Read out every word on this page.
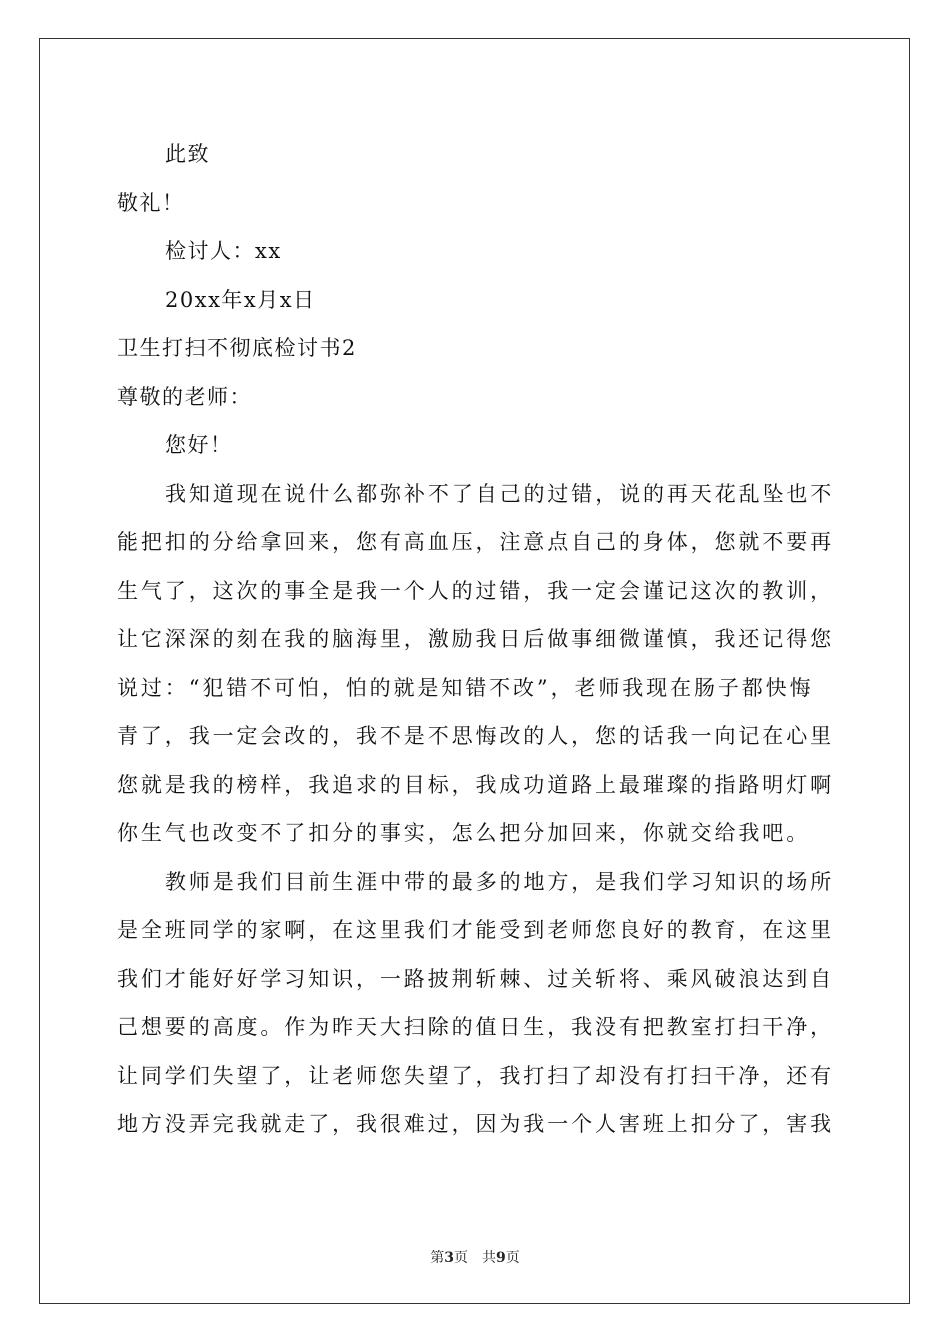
此致
敬礼！
检讨人：xx
20xx年x月x日
卫生打扫不彻底检讨书2
尊敬的老师：
您好！
我知道现在说什么都弥补不了自己的过错，说的再天花乱坠也不
能把扣的分给拿回来，您有高血压，注意点自己的身体，您就不要再
生气了，这次的事全是我一个人的过错，我一定会谨记这次的教训，
让它深深的刻在我的脑海里，激励我日后做事细微谨慎，我还记得您
说过：“犯错不可怕，怕的就是知错不改”，老师我现在肠子都快悔
青了，我一定会改的，我不是不思悔改的人，您的话我一向记在心里
您就是我的榜样，我追求的目标，我成功道路上最璀璨的指路明灯啊
你生气也改变不了扣分的事实，怎么把分加回来，你就交给我吧。
教师是我们目前生涯中带的最多的地方，是我们学习知识的场所
是全班同学的家啊，在这里我们才能受到老师您良好的教育，在这里
我们才能好好学习知识，一路披荆斩棘、过关斩将、乘风破浪达到自
己想要的高度。作为昨天大扫除的值日生，我没有把教室打扫干净，
让同学们失望了，让老师您失望了，我打扫了却没有打扫干净，还有
地方没弄完我就走了，我很难过，因为我一个人害班上扣分了，害我
第3页　共9页
